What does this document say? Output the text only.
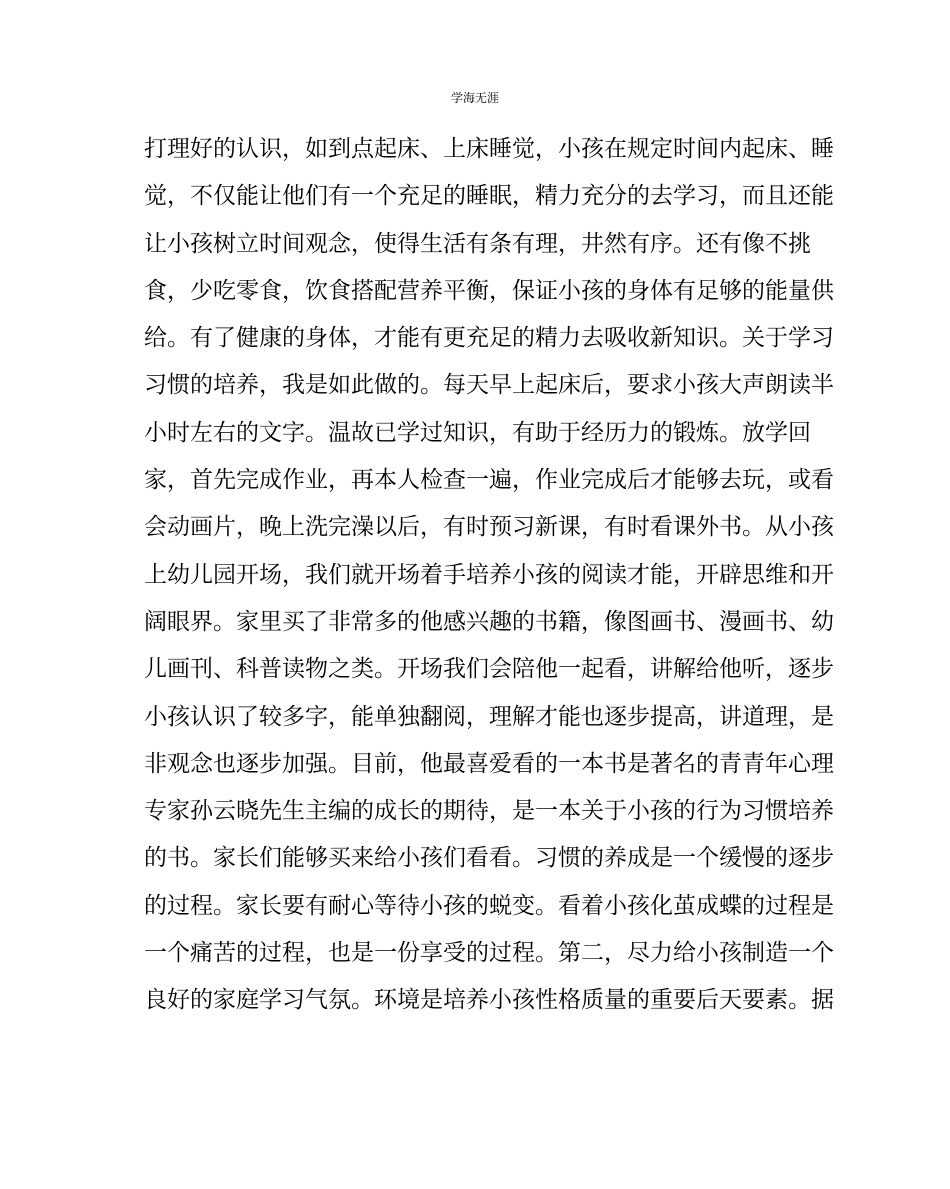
学海无涯
打理好的认识，如到点起床、上床睡觉，小孩在规定时间内起床、睡
觉，不仅能让他们有一个充足的睡眠，精力充分的去学习，而且还能
让小孩树立时间观念，使得生活有条有理，井然有序。还有像不挑
食，少吃零食，饮食搭配营养平衡，保证小孩的身体有足够的能量供
给。有了健康的身体，才能有更充足的精力去吸收新知识。关于学习
习惯的培养，我是如此做的。每天早上起床后，要求小孩大声朗读半
小时左右的文字。温故已学过知识，有助于经历力的锻炼。放学回
家，首先完成作业，再本人检查一遍，作业完成后才能够去玩，或看
会动画片，晚上洗完澡以后，有时预习新课，有时看课外书。从小孩
上幼儿园开场，我们就开场着手培养小孩的阅读才能，开辟思维和开
阔眼界。家里买了非常多的他感兴趣的书籍，像图画书、漫画书、幼
儿画刊、科普读物之类。开场我们会陪他一起看，讲解给他听，逐步
小孩认识了较多字，能单独翻阅，理解才能也逐步提高，讲道理，是
非观念也逐步加强。目前，他最喜爱看的一本书是著名的青青年心理
专家孙云晓先生主编的成长的期待，是一本关于小孩的行为习惯培养
的书。家长们能够买来给小孩们看看。习惯的养成是一个缓慢的逐步
的过程。家长要有耐心等待小孩的蜕变。看着小孩化茧成蝶的过程是
一个痛苦的过程，也是一份享受的过程。第二，尽力给小孩制造一个
良好的家庭学习气氛。环境是培养小孩性格质量的重要后天要素。据
